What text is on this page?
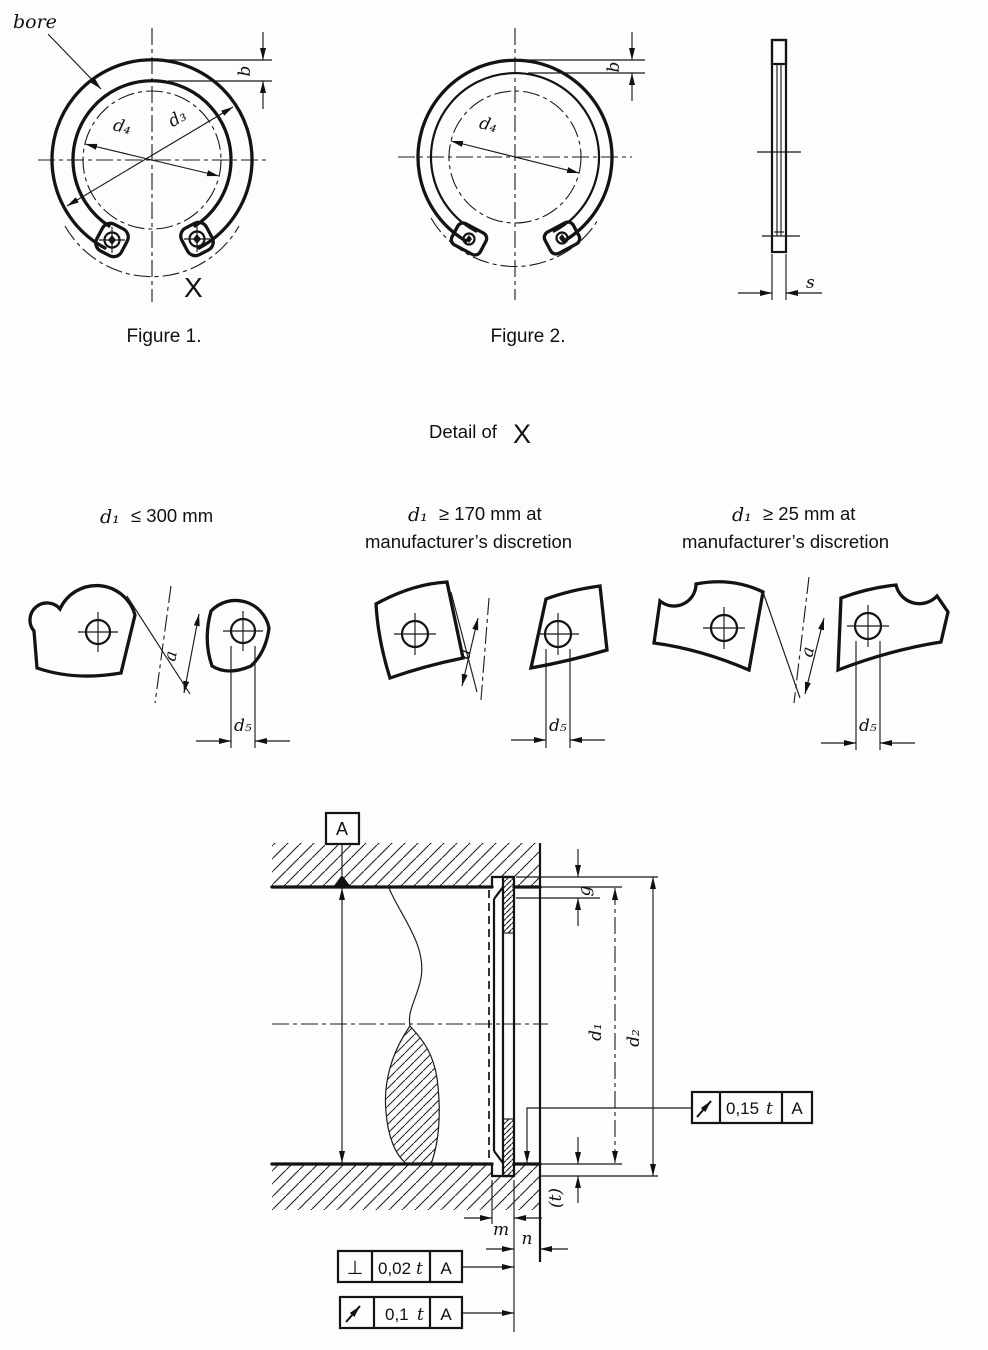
bore
b
d₃
d₄
X
Figure 1.
b
d₄
Figure 2.
s
Detail of X
d₁ ≤ 300 mm
a
d₅
d₁ ≥ 170 mm at
manufacturer’s discretion
a
d₅
d₁ ≥ 25 mm at
manufacturer’s discretion
a
d₅
A
g
d₁ d₂
(t)
m n
0,15 t A
⊥ 0,02 t A
0,1 t A
